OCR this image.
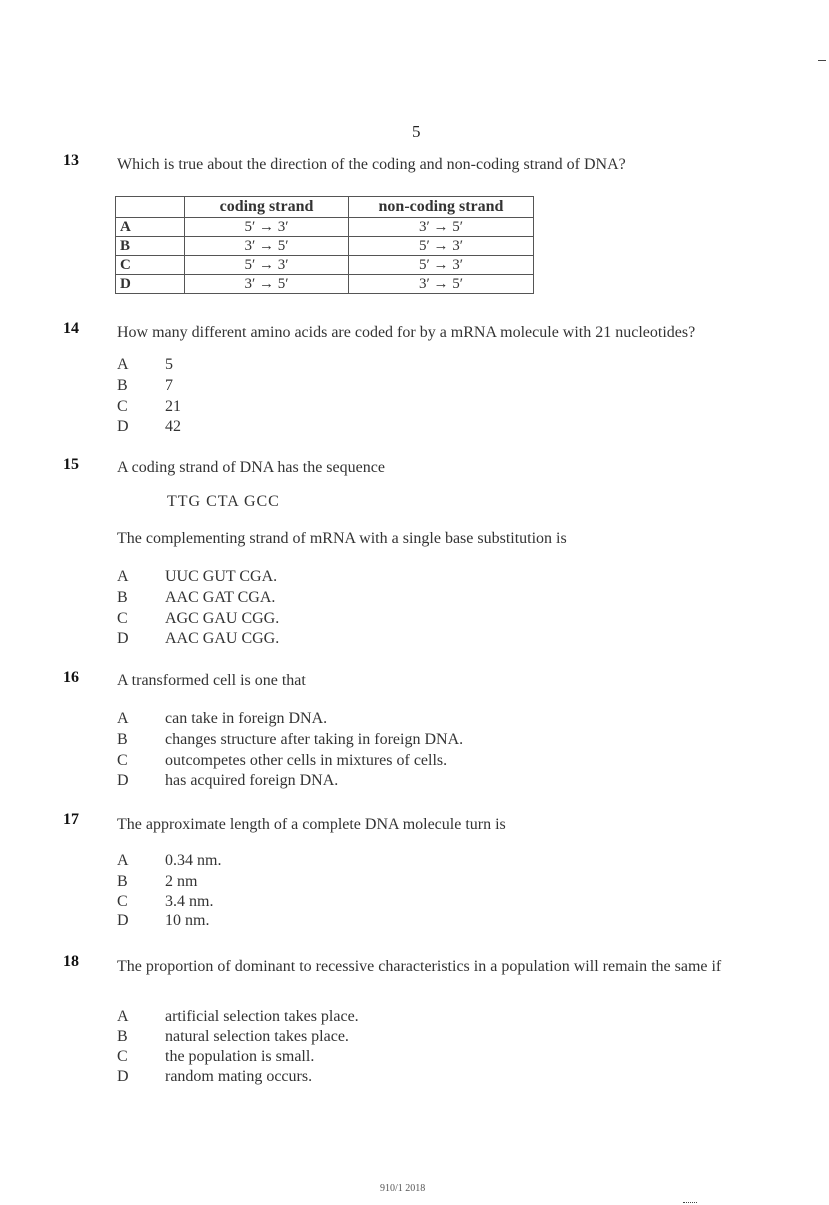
5
13 Which is true about the direction of the coding and non-coding strand of DNA?
	coding strand	non-coding strand
A	5′ → 3′	3′ → 5′
B	3′ → 5′	5′ → 3′
C	5′ → 3′	5′ → 3′
D	3′ → 5′	3′ → 5′
14 How many different amino acids are coded for by a mRNA molecule with 21 nucleotides?
A 5
B 7
C 21
D 42
15 A coding strand of DNA has the sequence
TTG CTA GCC
The complementing strand of mRNA with a single base substitution is
A UUC GUT CGA.
B AAC GAT CGA.
C AGC GAU CGG.
D AAC GAU CGG.
16 A transformed cell is one that
A can take in foreign DNA.
B changes structure after taking in foreign DNA.
C outcompetes other cells in mixtures of cells.
D has acquired foreign DNA.
17 The approximate length of a complete DNA molecule turn is
A 0.34 nm.
B 2 nm
C 3.4 nm.
D 10 nm.
18 The proportion of dominant to recessive characteristics in a population will remain the same if
A artificial selection takes place.
B natural selection takes place.
C the population is small.
D random mating occurs.
910/1 2018
